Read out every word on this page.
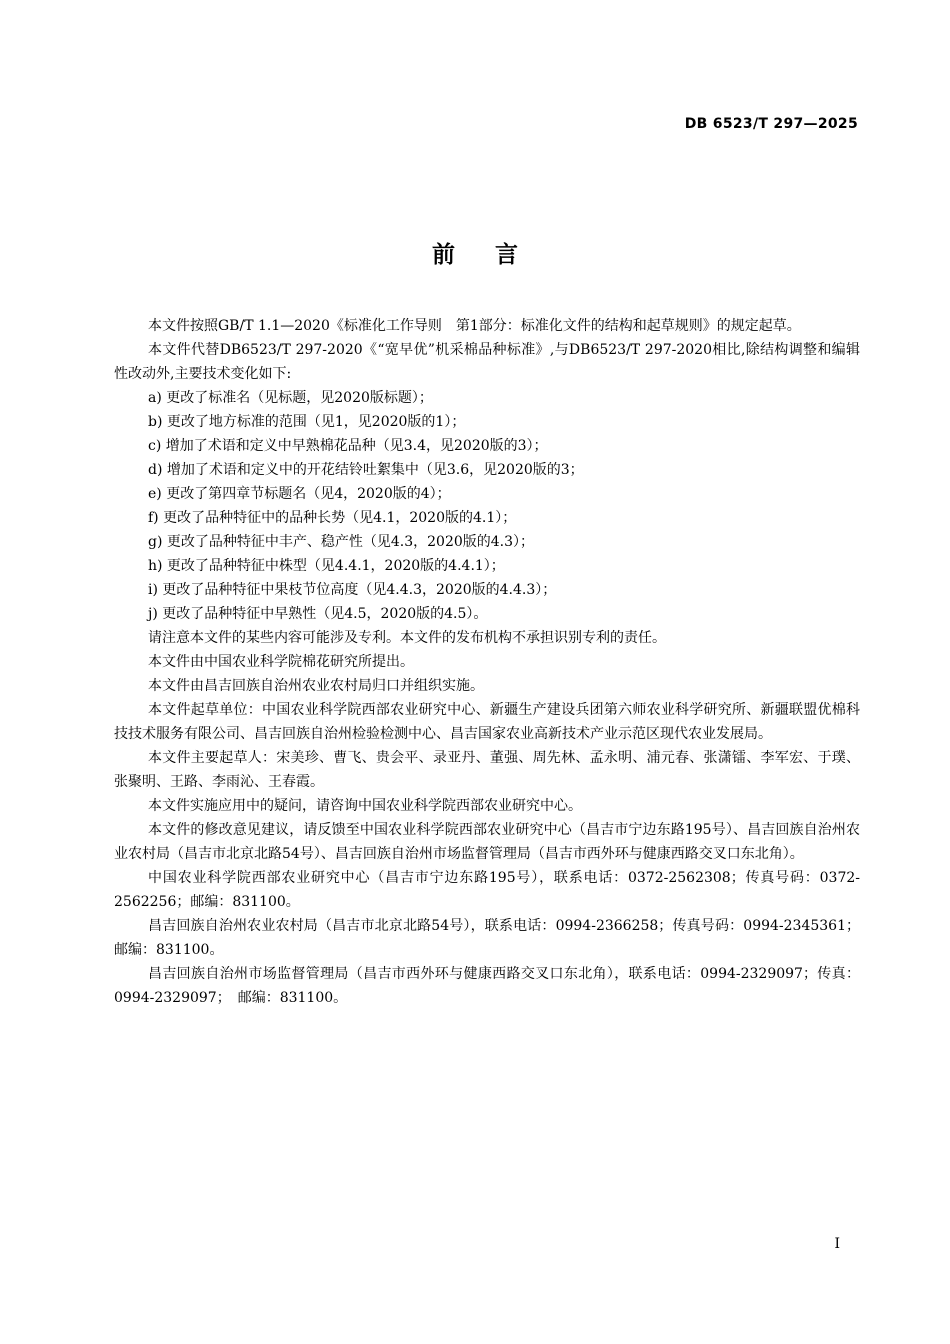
DB 6523/T 297—2025
前言

本文件按照GB/T 1.1—2020《标准化工作导则　第1部分：标准化文件的结构和起草规则》的规定起草。

本文件代替DB6523/T 297-2020《“宽早优”机采棉品种标准》,与DB6523/T 297-2020相比,除结构调整和编辑性改动外,主要技术变化如下:

a) 更改了标准名（见标题，见2020版标题）；

b) 更改了地方标准的范围（见1，见2020版的1）；

c) 增加了术语和定义中早熟棉花品种（见3.4，见2020版的3）；

d) 增加了术语和定义中的开花结铃吐絮集中（见3.6，见2020版的3；

e) 更改了第四章节标题名（见4，2020版的4）；

f) 更改了品种特征中的品种长势（见4.1，2020版的4.1）；

g) 更改了品种特征中丰产、稳产性（见4.3，2020版的4.3）；

h) 更改了品种特征中株型（见4.4.1，2020版的4.4.1）；

i) 更改了品种特征中果枝节位高度（见4.4.3，2020版的4.4.3）；

j) 更改了品种特征中早熟性（见4.5，2020版的4.5）。

请注意本文件的某些内容可能涉及专利。本文件的发布机构不承担识别专利的责任。

本文件由中国农业科学院棉花研究所提出。

本文件由昌吉回族自治州农业农村局归口并组织实施。

本文件起草单位：中国农业科学院西部农业研究中心、新疆生产建设兵团第六师农业科学研究所、新疆联盟优棉科技技术服务有限公司、昌吉回族自治州检验检测中心、昌吉国家农业高新技术产业示范区现代农业发展局。

本文件主要起草人：宋美珍、曹飞、贵会平、录亚丹、董强、周先林、孟永明、浦元春、张潇镭、李军宏、于璞、张聚明、王路、李雨沁、王春霞。

本文件实施应用中的疑问，请咨询中国农业科学院西部农业研究中心。

本文件的修改意见建议，请反馈至中国农业科学院西部农业研究中心（昌吉市宁边东路195号）、昌吉回族自治州农业农村局（昌吉市北京北路54号）、昌吉回族自治州市场监督管理局（昌吉市西外环与健康西路交叉口东北角）。

中国农业科学院西部农业研究中心（昌吉市宁边东路195号），联系电话：0372-2562308；传真号码：0372-2562256；邮编：831100。

昌吉回族自治州农业农村局（昌吉市北京北路54号），联系电话：0994-2366258；传真号码：0994-2345361；邮编：831100。

昌吉回族自治州市场监督管理局（昌吉市西外环与健康西路交叉口东北角），联系电话：0994-2329097；传真：0994-2329097；　邮编：831100。

I
